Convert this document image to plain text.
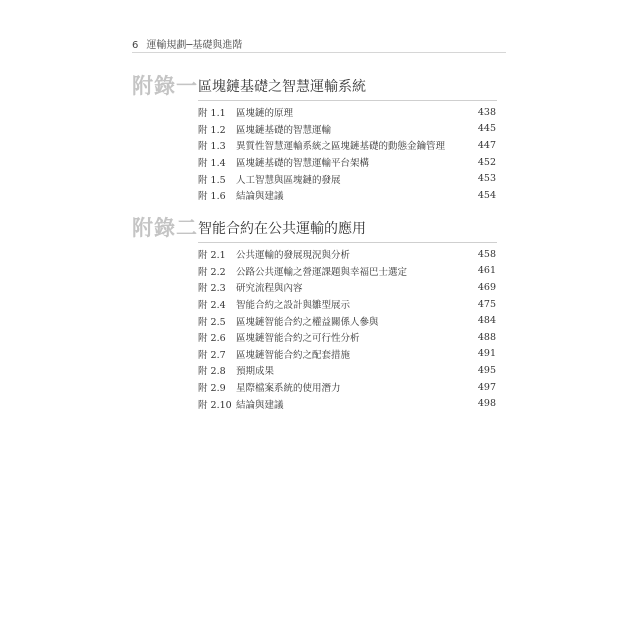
6 運輸規劃─基礎與進階
附錄一 區塊鏈基礎之智慧運輸系統
附 1.1	區塊鏈的原理	438
附 1.2	區塊鏈基礎的智慧運輸	445
附 1.3	異質性智慧運輸系統之區塊鏈基礎的動態金鑰管理	447
附 1.4	區塊鏈基礎的智慧運輸平台架構	452
附 1.5	人工智慧與區塊鏈的發展	453
附 1.6	結論與建議	454
附錄二 智能合約在公共運輸的應用
附 2.1	公共運輸的發展現況與分析	458
附 2.2	公路公共運輸之營運課題與幸福巴士選定	461
附 2.3	研究流程與內容	469
附 2.4	智能合約之設計與雛型展示	475
附 2.5	區塊鏈智能合約之權益關係人參與	484
附 2.6	區塊鏈智能合約之可行性分析	488
附 2.7	區塊鏈智能合約之配套措施	491
附 2.8	預期成果	495
附 2.9	星際檔案系統的使用潛力	497
附 2.10 結論與建議	498
